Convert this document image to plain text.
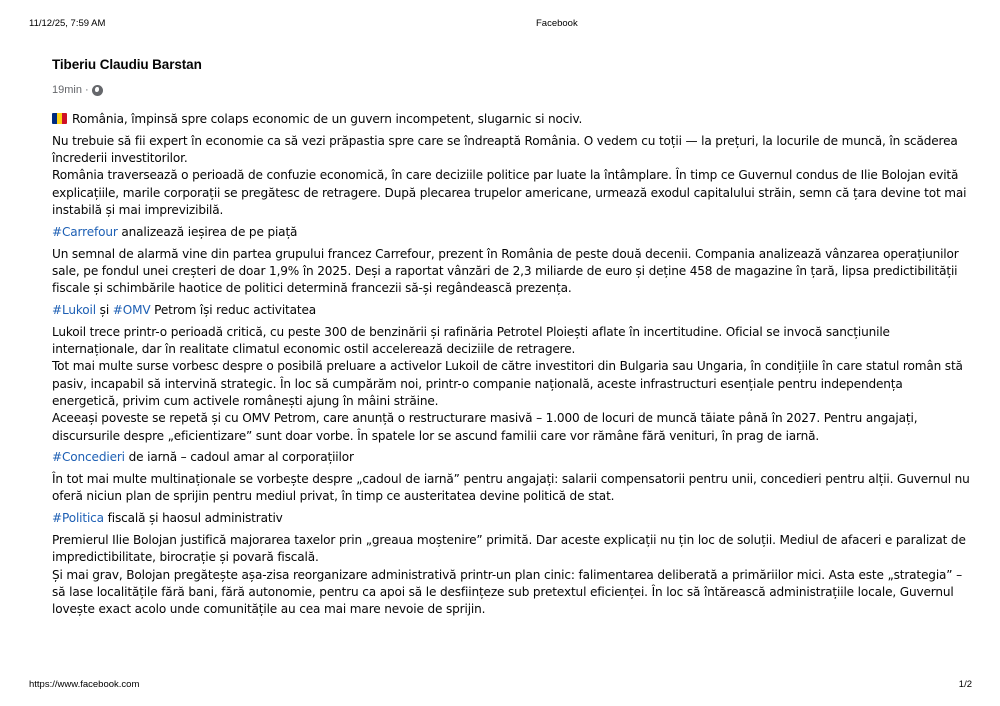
11/12/25, 7:59 AM	Facebook
Tiberiu Claudiu Barstan
19min ·

România, împinsă spre colaps economic de un guvern incompetent, slugarnic si nociv.

Nu trebuie să fii expert în economie ca să vezi prăpastia spre care se îndreaptă România. O vedem cu toții — la prețuri, la locurile de muncă, în scăderea încrederii investitorilor.

România traversează o perioadă de confuzie economică, în care deciziile politice par luate la întâmplare. În timp ce Guvernul condus de Ilie Bolojan evită explicațiile, marile corporații se pregătesc de retragere. După plecarea trupelor americane, urmează exodul capitalului străin, semn că țara devine tot mai instabilă și mai imprevizibilă.

#Carrefour analizează ieșirea de pe piață

Un semnal de alarmă vine din partea grupului francez Carrefour, prezent în România de peste două decenii. Compania analizează vânzarea operațiunilor sale, pe fondul unei creșteri de doar 1,9% în 2025. Deși a raportat vânzări de 2,3 miliarde de euro și deține 458 de magazine în țară, lipsa predictibilității fiscale și schimbările haotice de politici determină francezii să-și regândească prezența.

#Lukoil și #OMV Petrom își reduc activitatea

Lukoil trece printr-o perioadă critică, cu peste 300 de benzinării și rafinăria Petrotel Ploiești aflate în incertitudine. Oficial se invocă sancțiunile internaționale, dar în realitate climatul economic ostil accelerează deciziile de retragere.

Tot mai multe surse vorbesc despre o posibilă preluare a activelor Lukoil de către investitori din Bulgaria sau Ungaria, în condițiile în care statul român stă pasiv, incapabil să intervină strategic. În loc să cumpărăm noi, printr-o companie națională, aceste infrastructuri esențiale pentru independența energetică, privim cum activele românești ajung în mâini străine.

Aceeași poveste se repetă și cu OMV Petrom, care anunță o restructurare masivă – 1.000 de locuri de muncă tăiate până în 2027. Pentru angajați, discursurile despre „eficientizare” sunt doar vorbe. În spatele lor se ascund familii care vor rămâne fără venituri, în prag de iarnă.

#Concedieri de iarnă – cadoul amar al corporațiilor

În tot mai multe multinaționale se vorbește despre „cadoul de iarnă” pentru angajați: salarii compensatorii pentru unii, concedieri pentru alții. Guvernul nu oferă niciun plan de sprijin pentru mediul privat, în timp ce austeritatea devine politică de stat.

#Politica fiscală și haosul administrativ

Premierul Ilie Bolojan justifică majorarea taxelor prin „greaua moștenire” primită. Dar aceste explicații nu țin loc de soluții. Mediul de afaceri e paralizat de impredictibilitate, birocrație și povară fiscală.

Și mai grav, Bolojan pregătește așa-zisa reorganizare administrativă printr-un plan cinic: falimentarea deliberată a primăriilor mici. Asta este „strategia” – să lase localitățile fără bani, fără autonomie, pentru ca apoi să le desființeze sub pretextul eficienței. În loc să întărească administrațiile locale, Guvernul lovește exact acolo unde comunitățile au cea mai mare nevoie de sprijin.

https://www.facebook.com	1/2
